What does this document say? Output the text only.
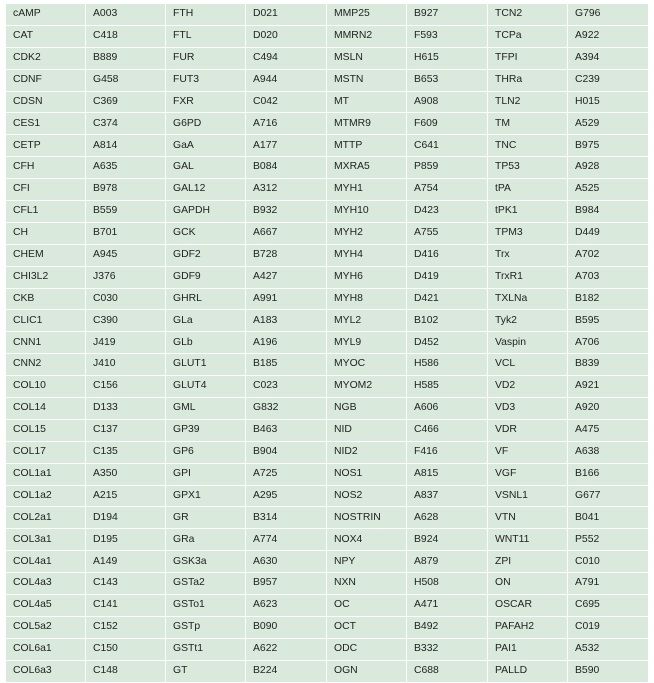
cAMP	A003	FTH	D021	MMP25	B927	TCN2	G796
CAT	C418	FTL	D020	MMRN2	F593	TCPa	A922
CDK2	B889	FUR	C494	MSLN	H615	TFPI	A394
CDNF	G458	FUT3	A944	MSTN	B653	THRa	C239
CDSN	C369	FXR	C042	MT	A908	TLN2	H015
CES1	C374	G6PD	A716	MTMR9	F609	TM	A529
CETP	A814	GaA	A177	MTTP	C641	TNC	B975
CFH	A635	GAL	B084	MXRA5	P859	TP53	A928
CFI	B978	GAL12	A312	MYH1	A754	tPA	A525
CFL1	B559	GAPDH	B932	MYH10	D423	tPK1	B984
CH	B701	GCK	A667	MYH2	A755	TPM3	D449
CHEM	A945	GDF2	B728	MYH4	D416	Trx	A702
CHI3L2	J376	GDF9	A427	MYH6	D419	TrxR1	A703
CKB	C030	GHRL	A991	MYH8	D421	TXLNa	B182
CLIC1	C390	GLa	A183	MYL2	B102	Tyk2	B595
CNN1	J419	GLb	A196	MYL9	D452	Vaspin	A706
CNN2	J410	GLUT1	B185	MYOC	H586	VCL	B839
COL10	C156	GLUT4	C023	MYOM2	H585	VD2	A921
COL14	D133	GML	G832	NGB	A606	VD3	A920
COL15	C137	GP39	B463	NID	C466	VDR	A475
COL17	C135	GP6	B904	NID2	F416	VF	A638
COL1a1	A350	GPI	A725	NOS1	A815	VGF	B166
COL1a2	A215	GPX1	A295	NOS2	A837	VSNL1	G677
COL2a1	D194	GR	B314	NOSTRIN	A628	VTN	B041
COL3a1	D195	GRa	A774	NOX4	B924	WNT11	P552
COL4a1	A149	GSK3a	A630	NPY	A879	ZPI	C010
COL4a3	C143	GSTa2	B957	NXN	H508	ON	A791
COL4a5	C141	GSTo1	A623	OC	A471	OSCAR	C695
COL5a2	C152	GSTp	B090	OCT	B492	PAFAH2	C019
COL6a1	C150	GSTt1	A622	ODC	B332	PAI1	A532
COL6a3	C148	GT	B224	OGN	C688	PALLD	B590
